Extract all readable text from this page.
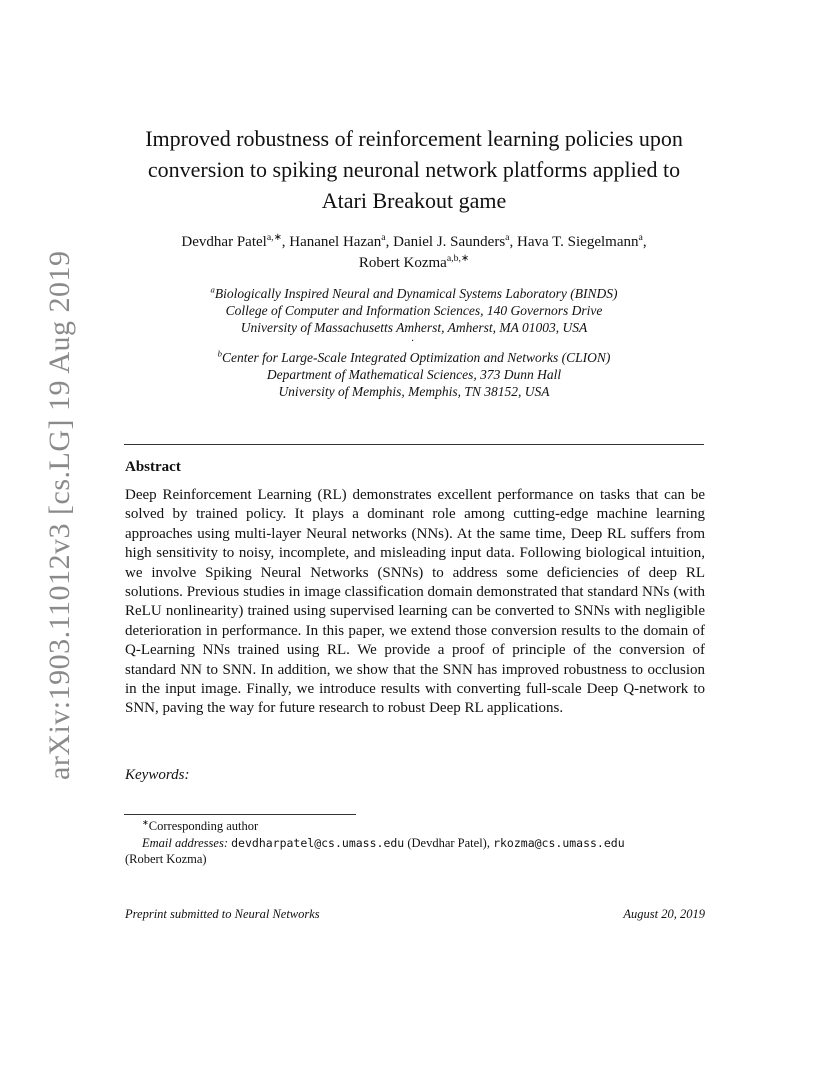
arXiv:1903.11012v3 [cs.LG] 19 Aug 2019
Improved robustness of reinforcement learning policies upon
conversion to spiking neuronal network platforms applied to
Atari Breakout game
Devdhar Patel$^{a,∗}$, Hananel Hazan$^a$, Daniel J. Saunders$^a$, Hava T. Siegelmann$^a$,
Robert Kozma$^{a,b,∗}$
$^a$Biologically Inspired Neural and Dynamical Systems Laboratory (BINDS)
College of Computer and Information Sciences, 140 Governors Drive
University of Massachusetts Amherst, Amherst, MA 01003, USA
.
$^b$Center for Large-Scale Integrated Optimization and Networks (CLION)
Department of Mathematical Sciences, 373 Dunn Hall
University of Memphis, Memphis, TN 38152, USA
Abstract
Deep Reinforcement Learning (RL) demonstrates excellent performance on tasks that can be solved by trained policy. It plays a dominant role among cutting-edge machine learning approaches using multi-layer Neural networks (NNs). At the same time, Deep RL suffers from high sensitivity to noisy, incomplete, and misleading input data. Following biological intuition, we involve Spiking Neural Networks (SNNs) to address some deficiencies of deep RL solutions. Previous studies in image classification domain demonstrated that standard NNs (with ReLU nonlinearity) trained using supervised learning can be converted to SNNs with negligible deterioration in performance. In this paper, we extend those conversion results to the domain of Q-Learning NNs trained using RL. We provide a proof of principle of the conversion of standard NN to SNN. In addition, we show that the SNN has improved robustness to occlusion in the input image. Finally, we introduce results with converting full-scale Deep Q-network to SNN, paving the way for future research to robust Deep RL applications.
Keywords:
∗Corresponding author
Email addresses: devdharpatel@cs.umass.edu (Devdhar Patel), rkozma@cs.umass.edu
(Robert Kozma)
Preprint submitted to Neural Networks	August 20, 2019
